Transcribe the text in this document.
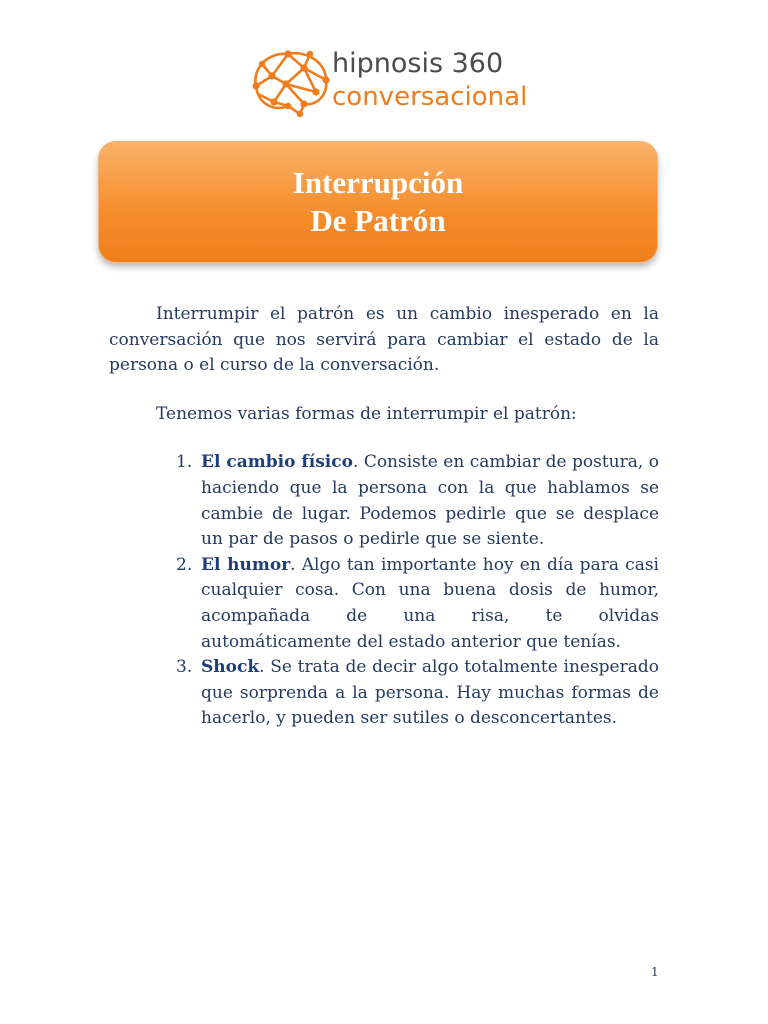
hipnosis 360
conversacional
Interrupción
De Patrón

Interrumpir el patrón es un cambio inesperado en la conversación que nos servirá para cambiar el estado de la persona o el curso de la conversación.

Tenemos varias formas de interrumpir el patrón:

1. El cambio físico. Consiste en cambiar de postura, o haciendo que la persona con la que hablamos se cambie de lugar. Podemos pedirle que se desplace un par de pasos o pedirle que se siente.
2. El humor. Algo tan importante hoy en día para casi cualquier cosa. Con una buena dosis de humor, acompañada de una risa, te olvidas automáticamente del estado anterior que tenías.
3. Shock. Se trata de decir algo totalmente inesperado que sorprenda a la persona. Hay muchas formas de hacerlo, y pueden ser sutiles o desconcertantes.
1
